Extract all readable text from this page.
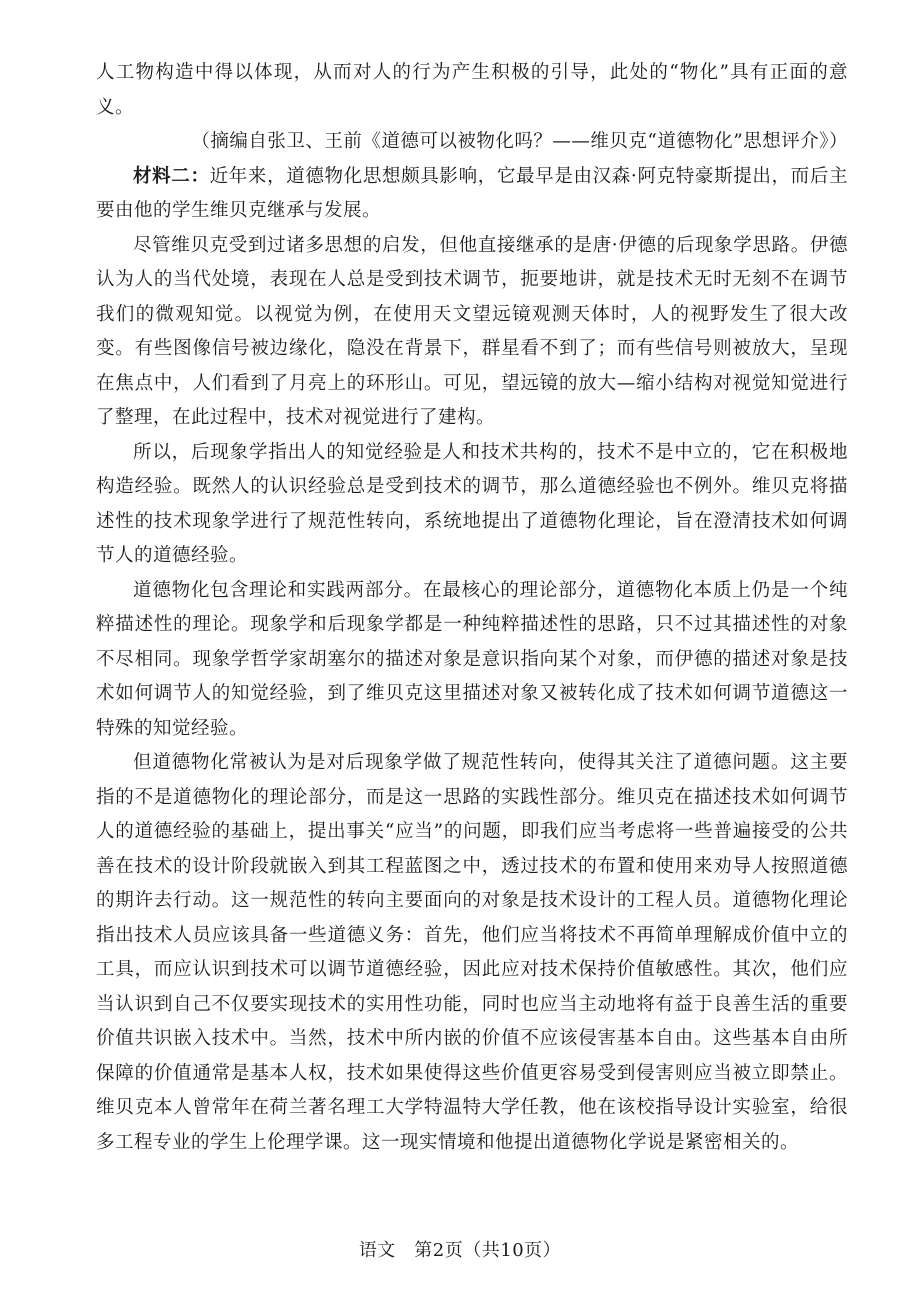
人工物构造中得以体现，从而对人的行为产生积极的引导，此处的“物化”具有正面的意义。

（摘编自张卫、王前《道德可以被物化吗？——维贝克“道德物化”思想评介》）

材料二：近年来，道德物化思想颇具影响，它最早是由汉森·阿克特豪斯提出，而后主要由他的学生维贝克继承与发展。

尽管维贝克受到过诸多思想的启发，但他直接继承的是唐·伊德的后现象学思路。伊德认为人的当代处境，表现在人总是受到技术调节，扼要地讲，就是技术无时无刻不在调节我们的微观知觉。以视觉为例，在使用天文望远镜观测天体时，人的视野发生了很大改变。有些图像信号被边缘化，隐没在背景下，群星看不到了；而有些信号则被放大，呈现在焦点中，人们看到了月亮上的环形山。可见，望远镜的放大—缩小结构对视觉知觉进行了整理，在此过程中，技术对视觉进行了建构。

所以，后现象学指出人的知觉经验是人和技术共构的，技术不是中立的，它在积极地构造经验。既然人的认识经验总是受到技术的调节，那么道德经验也不例外。维贝克将描述性的技术现象学进行了规范性转向，系统地提出了道德物化理论，旨在澄清技术如何调节人的道德经验。

道德物化包含理论和实践两部分。在最核心的理论部分，道德物化本质上仍是一个纯粹描述性的理论。现象学和后现象学都是一种纯粹描述性的思路，只不过其描述性的对象不尽相同。现象学哲学家胡塞尔的描述对象是意识指向某个对象，而伊德的描述对象是技术如何调节人的知觉经验，到了维贝克这里描述对象又被转化成了技术如何调节道德这一特殊的知觉经验。

但道德物化常被认为是对后现象学做了规范性转向，使得其关注了道德问题。这主要指的不是道德物化的理论部分，而是这一思路的实践性部分。维贝克在描述技术如何调节人的道德经验的基础上，提出事关“应当”的问题，即我们应当考虑将一些普遍接受的公共善在技术的设计阶段就嵌入到其工程蓝图之中，透过技术的布置和使用来劝导人按照道德的期许去行动。这一规范性的转向主要面向的对象是技术设计的工程人员。道德物化理论指出技术人员应该具备一些道德义务：首先，他们应当将技术不再简单理解成价值中立的工具，而应认识到技术可以调节道德经验，因此应对技术保持价值敏感性。其次，他们应当认识到自己不仅要实现技术的实用性功能，同时也应当主动地将有益于良善生活的重要价值共识嵌入技术中。当然，技术中所内嵌的价值不应该侵害基本自由。这些基本自由所保障的价值通常是基本人权，技术如果使得这些价值更容易受到侵害则应当被立即禁止。维贝克本人曾常年在荷兰著名理工大学特温特大学任教，他在该校指导设计实验室，给很多工程专业的学生上伦理学课。这一现实情境和他提出道德物化学说是紧密相关的。

语文　第2页（共10页）
